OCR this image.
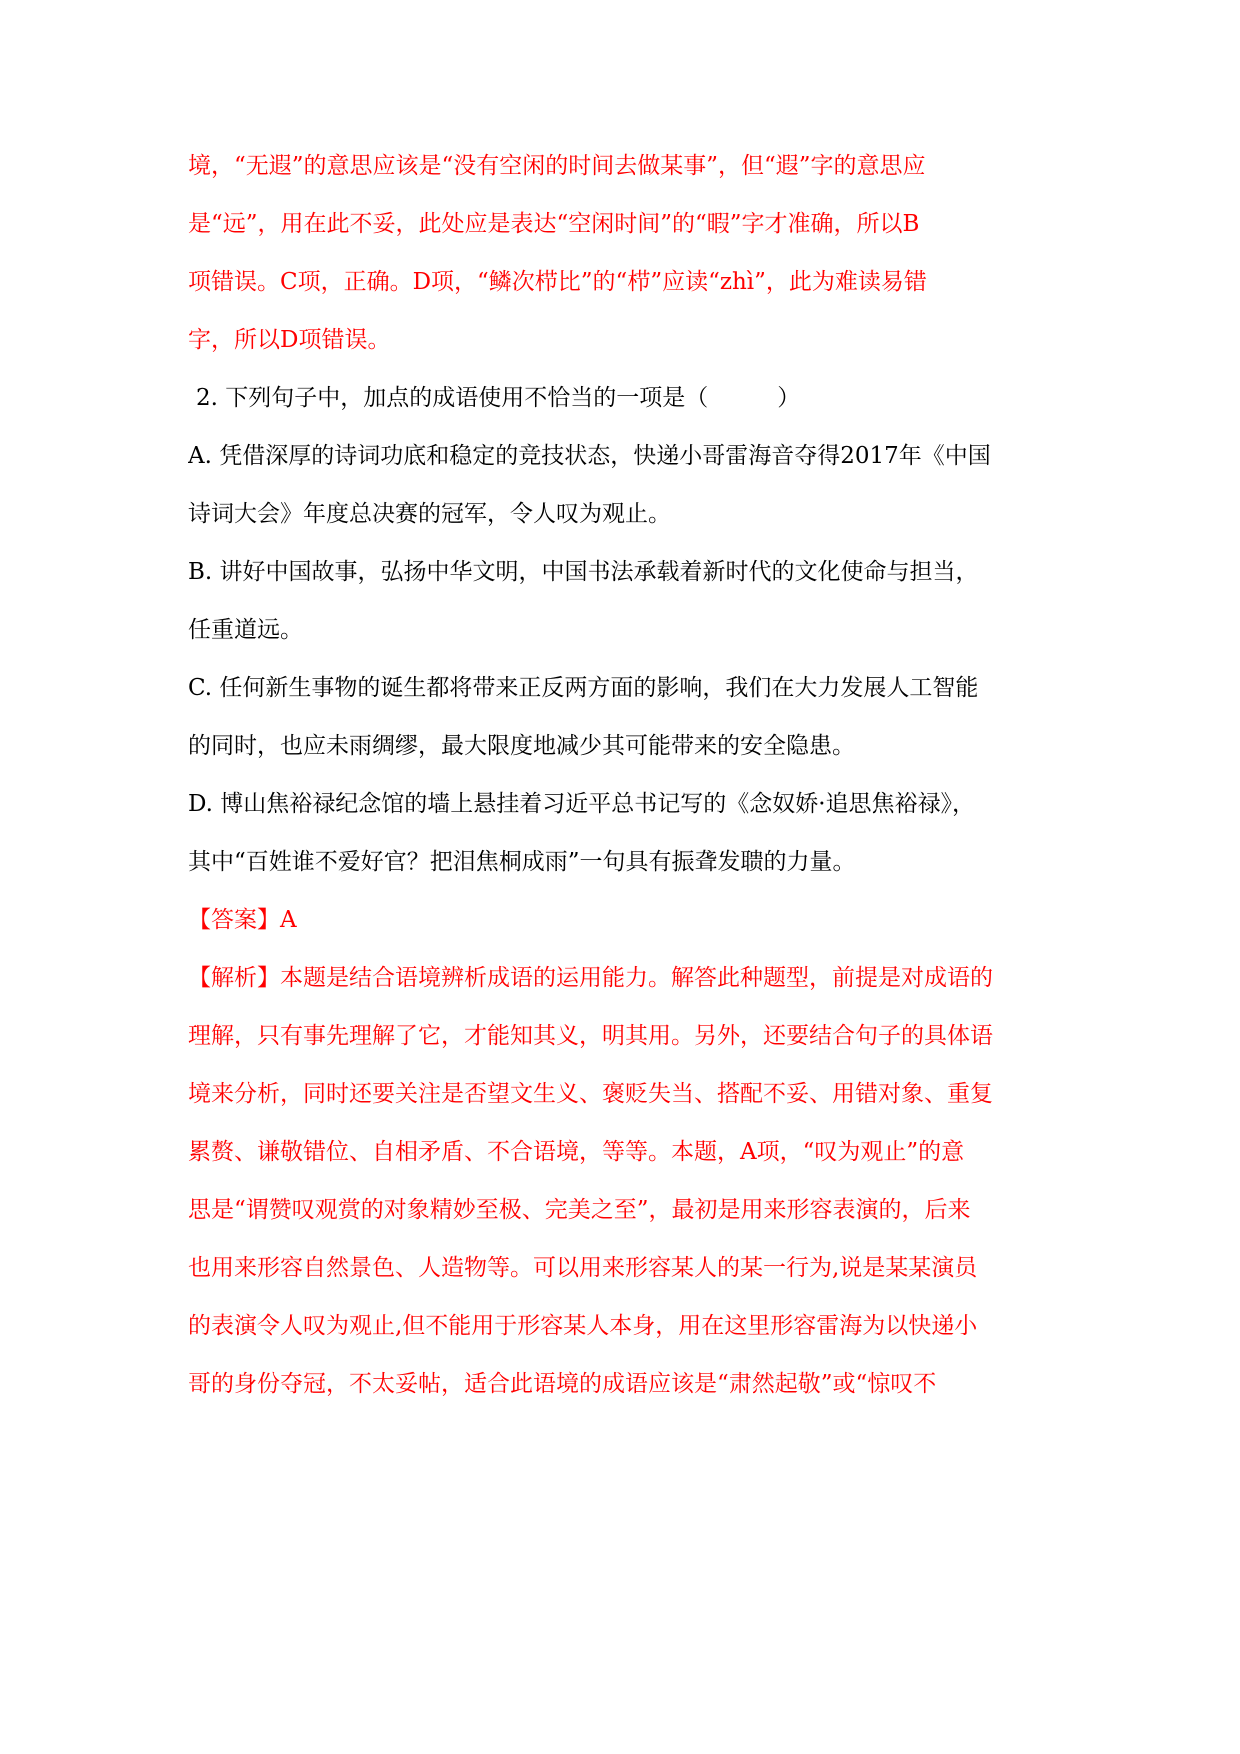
境，“无遐”的意思应该是“没有空闲的时间去做某事”，但“遐”字的意思应
是“远”，用在此不妥，此处应是表达“空闲时间”的“暇”字才准确，所以B
项错误。C项，正确。D项，“鳞次栉比”的“栉”应读“zhì”，此为难读易错
字，所以D项错误。
2. 下列句子中，加点的成语使用不恰当的一项是（　　　）
A. 凭借深厚的诗词功底和稳定的竞技状态，快递小哥雷海音夺得2017年《中国
诗词大会》年度总决赛的冠军，令人叹为观止。
B. 讲好中国故事，弘扬中华文明，中国书法承载着新时代的文化使命与担当，
任重道远。
C. 任何新生事物的诞生都将带来正反两方面的影响，我们在大力发展人工智能
的同时，也应未雨绸缪，最大限度地减少其可能带来的安全隐患。
D. 博山焦裕禄纪念馆的墙上悬挂着习近平总书记写的《念奴娇·追思焦裕禄》，
其中“百姓谁不爱好官？把泪焦桐成雨”一句具有振聋发聩的力量。
【答案】A
【解析】本题是结合语境辨析成语的运用能力。解答此种题型，前提是对成语的
理解，只有事先理解了它，才能知其义，明其用。另外，还要结合句子的具体语
境来分析，同时还要关注是否望文生义、褒贬失当、搭配不妥、用错对象、重复
累赘、谦敬错位、自相矛盾、不合语境，等等。本题，A项，“叹为观止”的意
思是“谓赞叹观赏的对象精妙至极、完美之至”，最初是用来形容表演的，后来
也用来形容自然景色、人造物等。可以用来形容某人的某一行为,说是某某演员
的表演令人叹为观止,但不能用于形容某人本身，用在这里形容雷海为以快递小
哥的身份夺冠，不太妥帖，适合此语境的成语应该是“肃然起敬”或“惊叹不
